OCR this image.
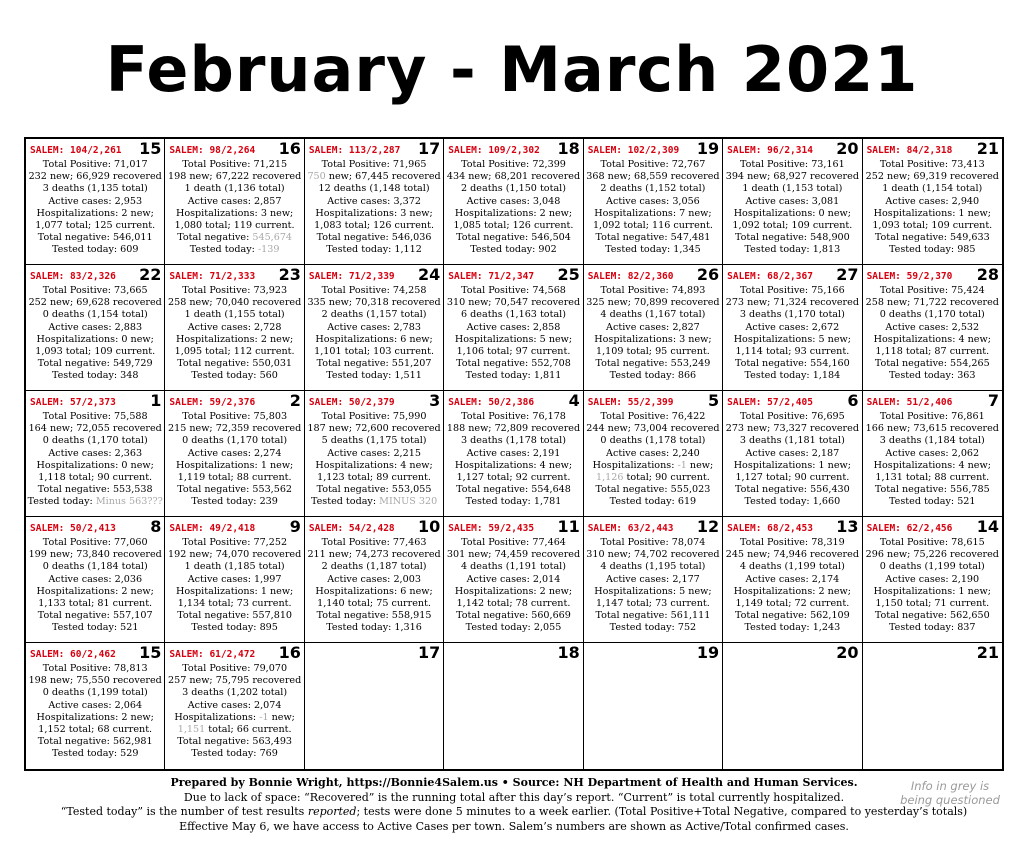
February - March 2021
SALEM: 104/2,261 15
Total Positive: 71,017
232 new; 66,929 recovered
3 deaths (1,135 total)
Active cases: 2,953
Hospitalizations: 2 new;
1,077 total; 125 current.
Total negative: 546,011
Tested today: 609
SALEM: 98/2,264 16
Total Positive: 71,215
198 new; 67,222 recovered
1 death (1,136 total)
Active cases: 2,857
Hospitalizations: 3 new;
1,080 total; 119 current.
Total negative: 545,674
Tested today: -139
SALEM: 113/2,287 17
Total Positive: 71,965
750 new; 67,445 recovered
12 deaths (1,148 total)
Active cases: 3,372
Hospitalizations: 3 new;
1,083 total; 126 current.
Total negative: 546,036
Tested today: 1,112
SALEM: 109/2,302 18
Total Positive: 72,399
434 new; 68,201 recovered
2 deaths (1,150 total)
Active cases: 3,048
Hospitalizations: 2 new;
1,085 total; 126 current.
Total negative: 546,504
Tested today: 902
SALEM: 102/2,309 19
Total Positive: 72,767
368 new; 68,559 recovered
2 deaths (1,152 total)
Active cases: 3,056
Hospitalizations: 7 new;
1,092 total; 116 current.
Total negative: 547,481
Tested today: 1,345
SALEM: 96/2,314 20
Total Positive: 73,161
394 new; 68,927 recovered
1 death (1,153 total)
Active cases: 3,081
Hospitalizations: 0 new;
1,092 total; 109 current.
Total negative: 548,900
Tested today: 1,813
SALEM: 84/2,318 21
Total Positive: 73,413
252 new; 69,319 recovered
1 death (1,154 total)
Active cases: 2,940
Hospitalizations: 1 new;
1,093 total; 109 current.
Total negative: 549,633
Tested today: 985
SALEM: 83/2,326 22
Total Positive: 73,665
252 new; 69,628 recovered
0 deaths (1,154 total)
Active cases: 2,883
Hospitalizations: 0 new;
1,093 total; 109 current.
Total negative: 549,729
Tested today: 348
SALEM: 71/2,333 23
Total Positive: 73,923
258 new; 70,040 recovered
1 death (1,155 total)
Active cases: 2,728
Hospitalizations: 2 new;
1,095 total; 112 current.
Total negative: 550,031
Tested today: 560
SALEM: 71/2,339 24
Total Positive: 74,258
335 new; 70,318 recovered
2 deaths (1,157 total)
Active cases: 2,783
Hospitalizations: 6 new;
1,101 total; 103 current.
Total negative: 551,207
Tested today: 1,511
SALEM: 71/2,347 25
Total Positive: 74,568
310 new; 70,547 recovered
6 deaths (1,163 total)
Active cases: 2,858
Hospitalizations: 5 new;
1,106 total; 97 current.
Total negative: 552,708
Tested today: 1,811
SALEM: 82/2,360 26
Total Positive: 74,893
325 new; 70,899 recovered
4 deaths (1,167 total)
Active cases: 2,827
Hospitalizations: 3 new;
1,109 total; 95 current.
Total negative: 553,249
Tested today: 866
SALEM: 68/2,367 27
Total Positive: 75,166
273 new; 71,324 recovered
3 deaths (1,170 total)
Active cases: 2,672
Hospitalizations: 5 new;
1,114 total; 93 current.
Total negative: 554,160
Tested today: 1,184
SALEM: 59/2,370 28
Total Positive: 75,424
258 new; 71,722 recovered
0 deaths (1,170 total)
Active cases: 2,532
Hospitalizations: 4 new;
1,118 total; 87 current.
Total negative: 554,265
Tested today: 363
SALEM: 57/2,373 1
Total Positive: 75,588
164 new; 72,055 recovered
0 deaths (1,170 total)
Active cases: 2,363
Hospitalizations: 0 new;
1,118 total; 90 current.
Total negative: 553,538
Tested today: Minus 563???
SALEM: 59/2,376 2
Total Positive: 75,803
215 new; 72,359 recovered
0 deaths (1,170 total)
Active cases: 2,274
Hospitalizations: 1 new;
1,119 total; 88 current.
Total negative: 553,562
Tested today: 239
SALEM: 50/2,379 3
Total Positive: 75,990
187 new; 72,600 recovered
5 deaths (1,175 total)
Active cases: 2,215
Hospitalizations: 4 new;
1,123 total; 89 current.
Total negative: 553,055
Tested today: MINUS 320
SALEM: 50/2,386 4
Total Positive: 76,178
188 new; 72,809 recovered
3 deaths (1,178 total)
Active cases: 2,191
Hospitalizations: 4 new;
1,127 total; 92 current.
Total negative: 554,648
Tested today: 1,781
SALEM: 55/2,399 5
Total Positive: 76,422
244 new; 73,004 recovered
0 deaths (1,178 total)
Active cases: 2,240
Hospitalizations: -1 new;
1,126 total; 90 current.
Total negative: 555,023
Tested today: 619
SALEM: 57/2,405 6
Total Positive: 76,695
273 new; 73,327 recovered
3 deaths (1,181 total)
Active cases: 2,187
Hospitalizations: 1 new;
1,127 total; 90 current.
Total negative: 556,430
Tested today: 1,660
SALEM: 51/2,406 7
Total Positive: 76,861
166 new; 73,615 recovered
3 deaths (1,184 total)
Active cases: 2,062
Hospitalizations: 4 new;
1,131 total; 88 current.
Total negative: 556,785
Tested today: 521
SALEM: 50/2,413 8
Total Positive: 77,060
199 new; 73,840 recovered
0 deaths (1,184 total)
Active cases: 2,036
Hospitalizations: 2 new;
1,133 total; 81 current.
Total negative: 557,107
Tested today: 521
SALEM: 49/2,418 9
Total Positive: 77,252
192 new; 74,070 recovered
1 death (1,185 total)
Active cases: 1,997
Hospitalizations: 1 new;
1,134 total; 73 current.
Total negative: 557,810
Tested today: 895
SALEM: 54/2,428 10
Total Positive: 77,463
211 new; 74,273 recovered
2 deaths (1,187 total)
Active cases: 2,003
Hospitalizations: 6 new;
1,140 total; 75 current.
Total negative: 558,915
Tested today: 1,316
SALEM: 59/2,435 11
Total Positive: 77,464
301 new; 74,459 recovered
4 deaths (1,191 total)
Active cases: 2,014
Hospitalizations: 2 new;
1,142 total; 78 current.
Total negative: 560,669
Tested today: 2,055
SALEM: 63/2,443 12
Total Positive: 78,074
310 new; 74,702 recovered
4 deaths (1,195 total)
Active cases: 2,177
Hospitalizations: 5 new;
1,147 total; 73 current.
Total negative: 561,111
Tested today: 752
SALEM: 68/2,453 13
Total Positive: 78,319
245 new; 74,946 recovered
4 deaths (1,199 total)
Active cases: 2,174
Hospitalizations: 2 new;
1,149 total; 72 current.
Total negative: 562,109
Tested today: 1,243
SALEM: 62/2,456 14
Total Positive: 78,615
296 new; 75,226 recovered
0 deaths (1,199 total)
Active cases: 2,190
Hospitalizations: 1 new;
1,150 total; 71 current.
Total negative: 562,650
Tested today: 837
SALEM: 60/2,462 15
Total Positive: 78,813
198 new; 75,550 recovered
0 deaths (1,199 total)
Active cases: 2,064
Hospitalizations: 2 new;
1,152 total; 68 current.
Total negative: 562,981
Tested today: 529
SALEM: 61/2,472 16
Total Positive: 79,070
257 new; 75,795 recovered
3 deaths (1,202 total)
Active cases: 2,074
Hospitalizations: -1 new;
1,151 total; 66 current.
Total negative: 563,493
Tested today: 769
17	18	19	20	21
Prepared by Bonnie Wright, https://Bonnie4Salem.us • Source: NH Department of Health and Human Services.
Due to lack of space: “Recovered” is the running total after this day’s report. “Current” is total currently hospitalized.
“Tested today” is the number of test results reported; tests were done 5 minutes to a week earlier. (Total Positive+Total Negative, compared to yesterday’s totals)
Effective May 6, we have access to Active Cases per town. Salem’s numbers are shown as Active/Total confirmed cases.
Info in grey is being questioned
